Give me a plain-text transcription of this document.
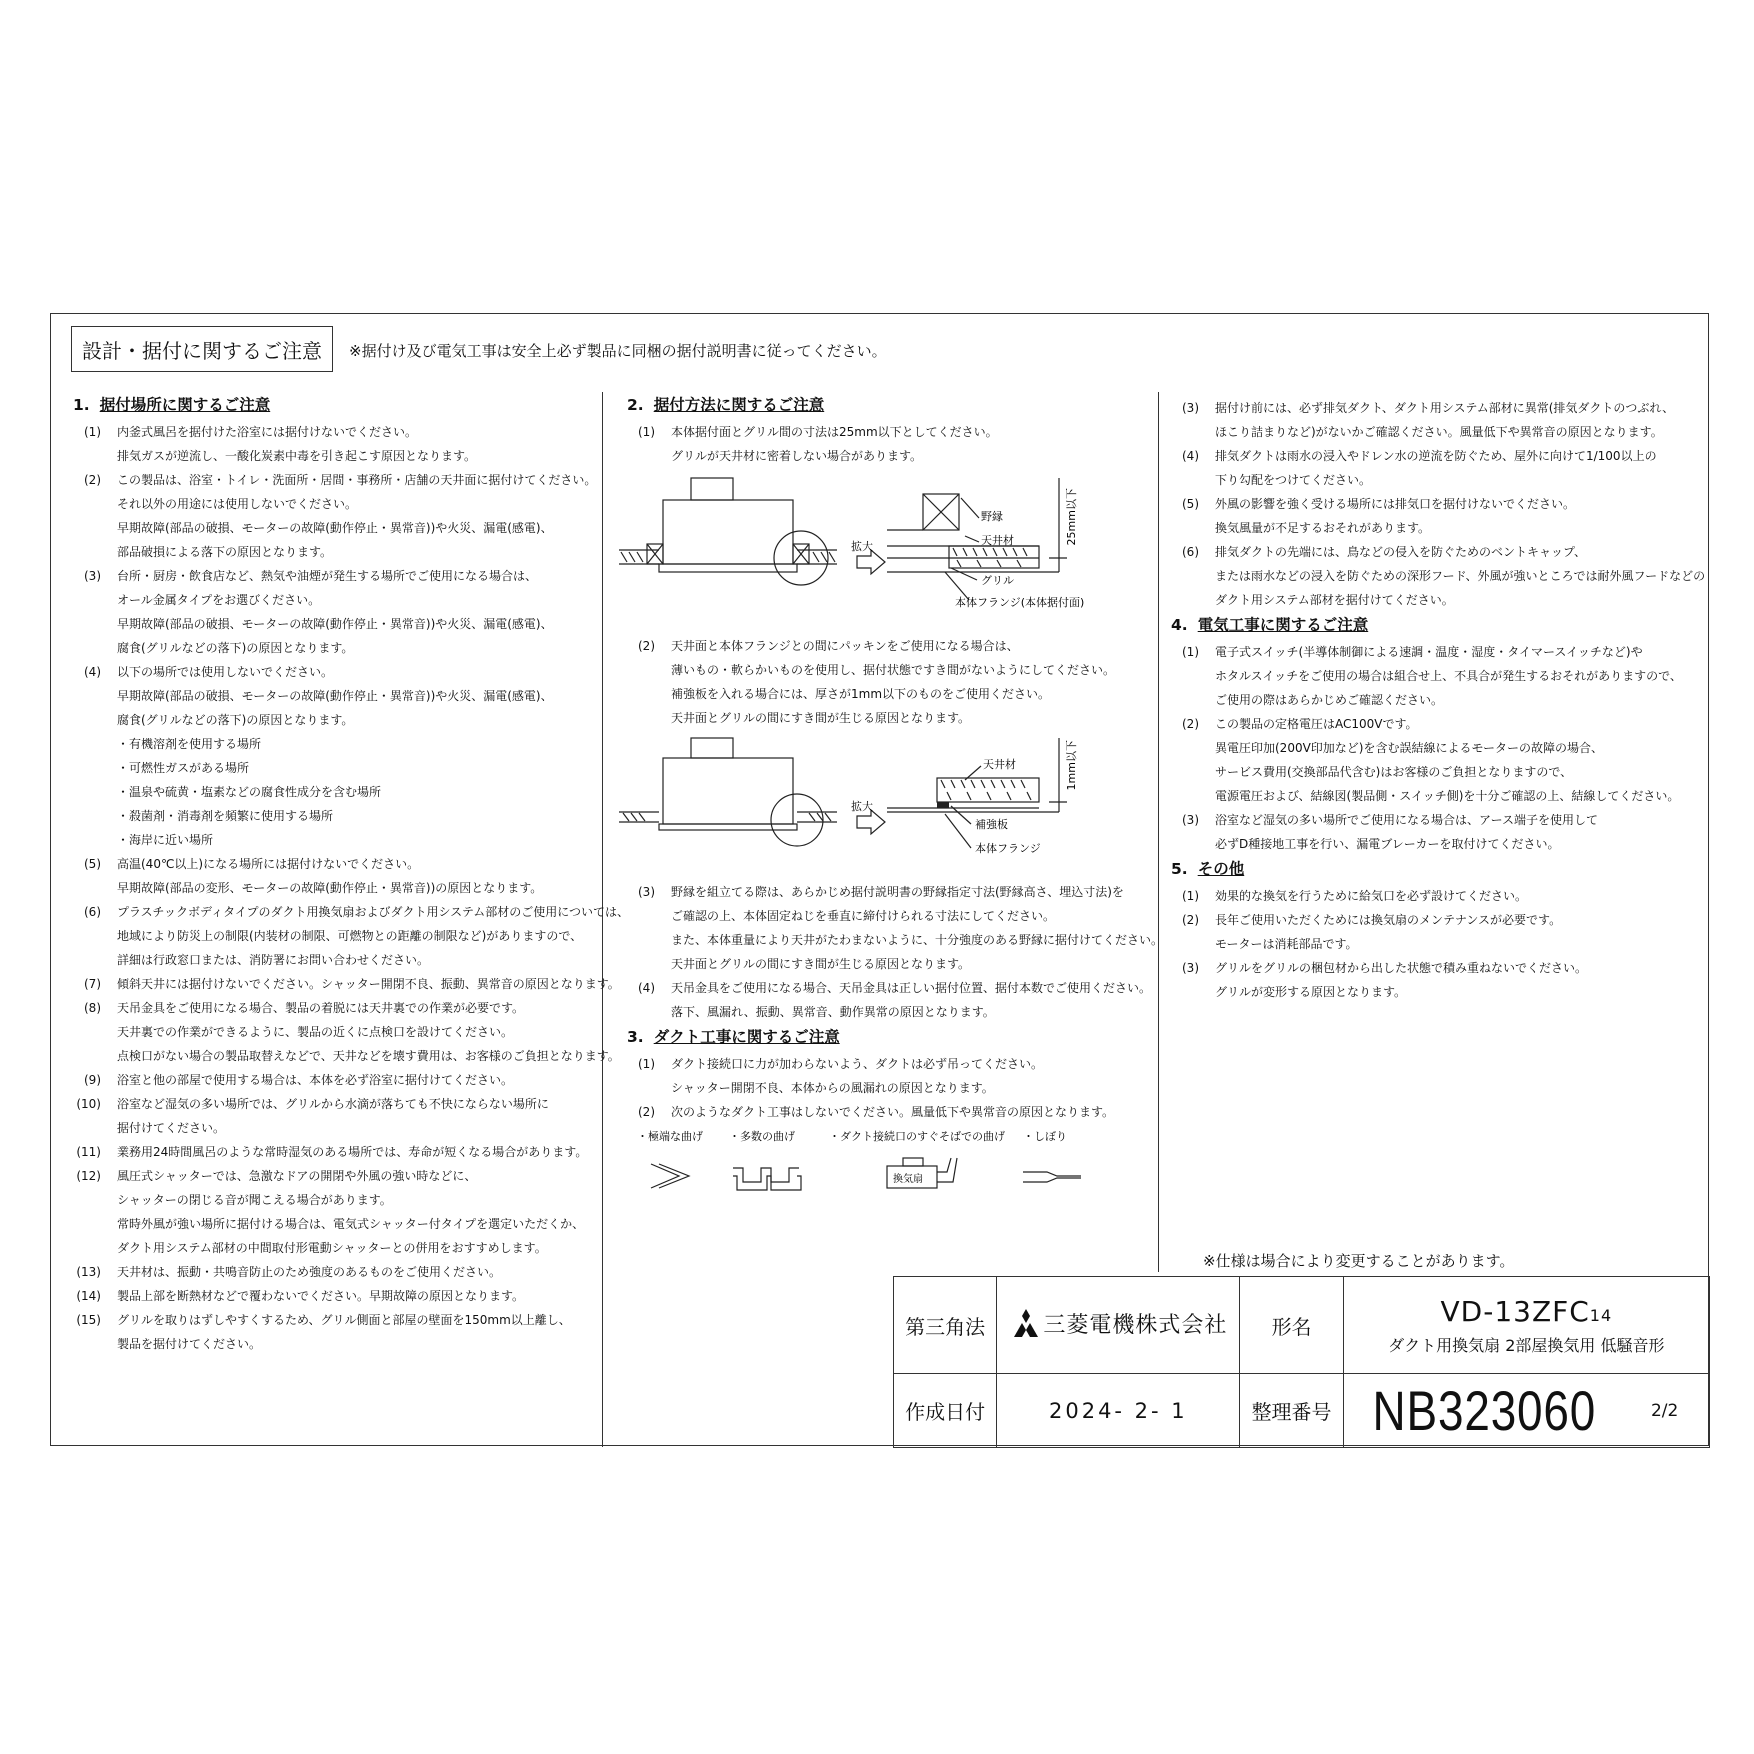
設計・据付に関するご注意	※据付け及び電気工事は安全上必ず製品に同梱の据付説明書に従ってください。
1. 据付場所に関するご注意
(1)	内釜式風呂を据付けた浴室には据付けないでください。
排気ガスが逆流し、一酸化炭素中毒を引き起こす原因となります。
(2)	この製品は、浴室・トイレ・洗面所・居間・事務所・店舗の天井面に据付けてください。
それ以外の用途には使用しないでください。
早期故障(部品の破損、モーターの故障(動作停止・異常音))や火災、漏電(感電)、
部品破損による落下の原因となります。
(3)	台所・厨房・飲食店など、熱気や油煙が発生する場所でご使用になる場合は、
オール金属タイプをお選びください。
早期故障(部品の破損、モーターの故障(動作停止・異常音))や火災、漏電(感電)、
腐食(グリルなどの落下)の原因となります。
(4)	以下の場所では使用しないでください。
早期故障(部品の破損、モーターの故障(動作停止・異常音))や火災、漏電(感電)、
腐食(グリルなどの落下)の原因となります。
・有機溶剤を使用する場所
・可燃性ガスがある場所
・温泉や硫黄・塩素などの腐食性成分を含む場所
・殺菌剤・消毒剤を頻繁に使用する場所
・海岸に近い場所
(5)	高温(40℃以上)になる場所には据付けないでください。
早期故障(部品の変形、モーターの故障(動作停止・異常音))の原因となります。
(6)	プラスチックボディタイプのダクト用換気扇およびダクト用システム部材のご使用については、
地域により防災上の制限(内装材の制限、可燃物との距離の制限など)がありますので、
詳細は行政窓口または、消防署にお問い合わせください。
(7)	傾斜天井には据付けないでください。シャッター開閉不良、振動、異常音の原因となります。
(8)	天吊金具をご使用になる場合、製品の着脱には天井裏での作業が必要です。
天井裏での作業ができるように、製品の近くに点検口を設けてください。
点検口がない場合の製品取替えなどで、天井などを壊す費用は、お客様のご負担となります。
(9)	浴室と他の部屋で使用する場合は、本体を必ず浴室に据付けてください。
(10)	浴室など湿気の多い場所では、グリルから水滴が落ちても不快にならない場所に
据付けてください。
(11)	業務用24時間風呂のような常時湿気のある場所では、寿命が短くなる場合があります。
(12)	風圧式シャッターでは、急激なドアの開閉や外風の強い時などに、
シャッターの閉じる音が聞こえる場合があります。
常時外風が強い場所に据付ける場合は、電気式シャッター付タイプを選定いただくか、
ダクト用システム部材の中間取付形電動シャッターとの併用をおすすめします。
(13)	天井材は、振動・共鳴音防止のため強度のあるものをご使用ください。
(14)	製品上部を断熱材などで覆わないでください。早期故障の原因となります。
(15)	グリルを取りはずしやすくするため、グリル側面と部屋の壁面を150mm以上離し、
製品を据付けてください。
2. 据付方法に関するご注意
(1)	本体据付面とグリル間の寸法は25mm以下としてください。
グリルが天井材に密着しない場合があります。
拡大
野縁
天井材
グリル
本体フランジ(本体据付面)
25mm以下
(2)	天井面と本体フランジとの間にパッキンをご使用になる場合は、
薄いもの・軟らかいものを使用し、据付状態ですき間がないようにしてください。
補強板を入れる場合には、厚さが1mm以下のものをご使用ください。
天井面とグリルの間にすき間が生じる原因となります。
拡大
天井材
補強板
本体フランジ
1mm以下
(3)	野縁を組立てる際は、あらかじめ据付説明書の野縁指定寸法(野縁高さ、埋込寸法)を
ご確認の上、本体固定ねじを垂直に締付けられる寸法にしてください。
また、本体重量により天井がたわまないように、十分強度のある野縁に据付けてください。
天井面とグリルの間にすき間が生じる原因となります。
(4)	天吊金具をご使用になる場合、天吊金具は正しい据付位置、据付本数でご使用ください。
落下、風漏れ、振動、異常音、動作異常の原因となります。
3. ダクト工事に関するご注意
(1)	ダクト接続口に力が加わらないよう、ダクトは必ず吊ってください。
シャッター開閉不良、本体からの風漏れの原因となります。
(2)	次のようなダクト工事はしないでください。風量低下や異常音の原因となります。
・極端な曲げ ・多数の曲げ	・ダクト接続口のすぐそばでの曲げ ・しぼり
換気扇
(3)	据付け前には、必ず排気ダクト、ダクト用システム部材に異常(排気ダクトのつぶれ、
ほこり詰まりなど)がないかご確認ください。風量低下や異常音の原因となります。
(4)	排気ダクトは雨水の浸入やドレン水の逆流を防ぐため、屋外に向けて1/100以上の
下り勾配をつけてください。
(5)	外風の影響を強く受ける場所には排気口を据付けないでください。
換気風量が不足するおそれがあります。
(6)	排気ダクトの先端には、鳥などの侵入を防ぐためのベントキャップ、
または雨水などの浸入を防ぐための深形フード、外風が強いところでは耐外風フードなどの
ダクト用システム部材を据付けてください。
4. 電気工事に関するご注意
(1)	電子式スイッチ(半導体制御による速調・温度・湿度・タイマースイッチなど)や
ホタルスイッチをご使用の場合は組合せ上、不具合が発生するおそれがありますので、
ご使用の際はあらかじめご確認ください。
(2)	この製品の定格電圧はAC100Vです。
異電圧印加(200V印加など)を含む誤結線によるモーターの故障の場合、
サービス費用(交換部品代含む)はお客様のご負担となりますので、
電源電圧および、結線図(製品側・スイッチ側)を十分ご確認の上、結線してください。
(3)	浴室など湿気の多い場所でご使用になる場合は、アース端子を使用して
必ずD種接地工事を行い、漏電ブレーカーを取付けてください。
5. その他
(1)	効果的な換気を行うために給気口を必ず設けてください。
(2)	長年ご使用いただくためには換気扇のメンテナンスが必要です。
モーターは消耗部品です。
(3)	グリルをグリルの梱包材から出した状態で積み重ねないでください。
グリルが変形する原因となります。
※仕様は場合により変更することがあります。
第三角法	三菱電機株式会社	形名	VD-13ZFC14
ダクト用換気扇 2部屋換気用 低騒音形	

作成日付	2024- 2- 1	整理番号	NB323060	2/2
